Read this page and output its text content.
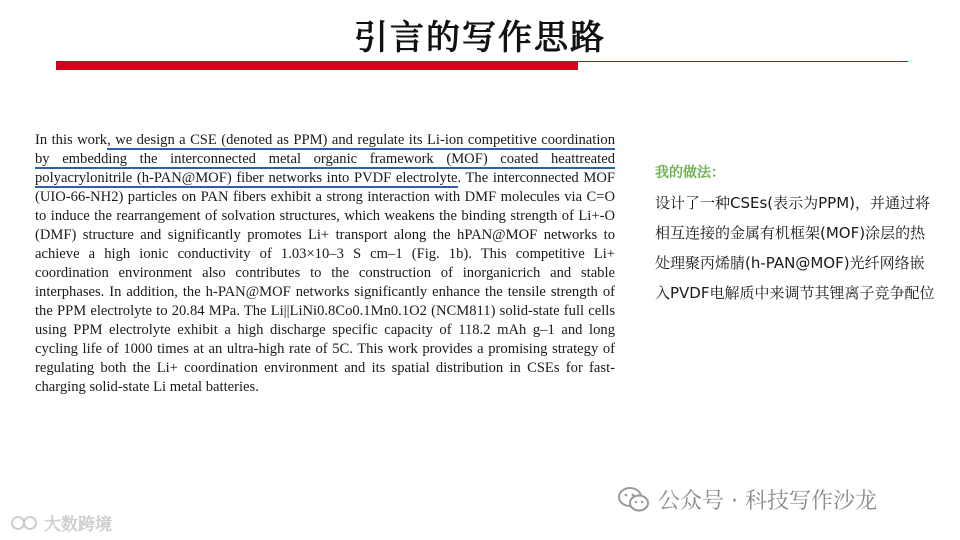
引言的写作思路
In this work, we design a CSE (denoted as PPM) and regulate its Li-ion competitive coordination by embedding the interconnected metal organic framework (MOF) coated heattreated polyacrylonitrile (h-PAN@MOF) fiber networks into PVDF electrolyte. The interconnected MOF (UIO-66-NH2) particles on PAN fibers exhibit a strong interaction with DMF molecules via C=O to induce the rearrangement of solvation structures, which weakens the binding strength of Li+-O (DMF) structure and significantly promotes Li+ transport along the hPAN@MOF networks to achieve a high ionic conductivity of 1.03×10–3 S cm–1 (Fig. 1b). This competitive Li+ coordination environment also contributes to the construction of inorganicrich and stable interphases. In addition, the h-PAN@MOF networks significantly enhance the tensile strength of the PPM electrolyte to 20.84 MPa. The Li||LiNi0.8Co0.1Mn0.1O2 (NCM811) solid-state full cells using PPM electrolyte exhibit a high discharge specific capacity of 118.2 mAh g–1 and long cycling life of 1000 times at an ultra-high rate of 5C. This work provides a promising strategy of regulating both the Li+ coordination environment and its spatial distribution in CSEs for fast-charging solid-state Li metal batteries.
我的做法：
设计了一种CSEs(表示为PPM)，并通过将相互连接的金属有机框架(MOF)涂层的热处理聚丙烯腈(h-PAN@MOF)光纤网络嵌入PVDF电解质中来调节其锂离子竞争配位
大数跨境
公众号 · 科技写作沙龙
